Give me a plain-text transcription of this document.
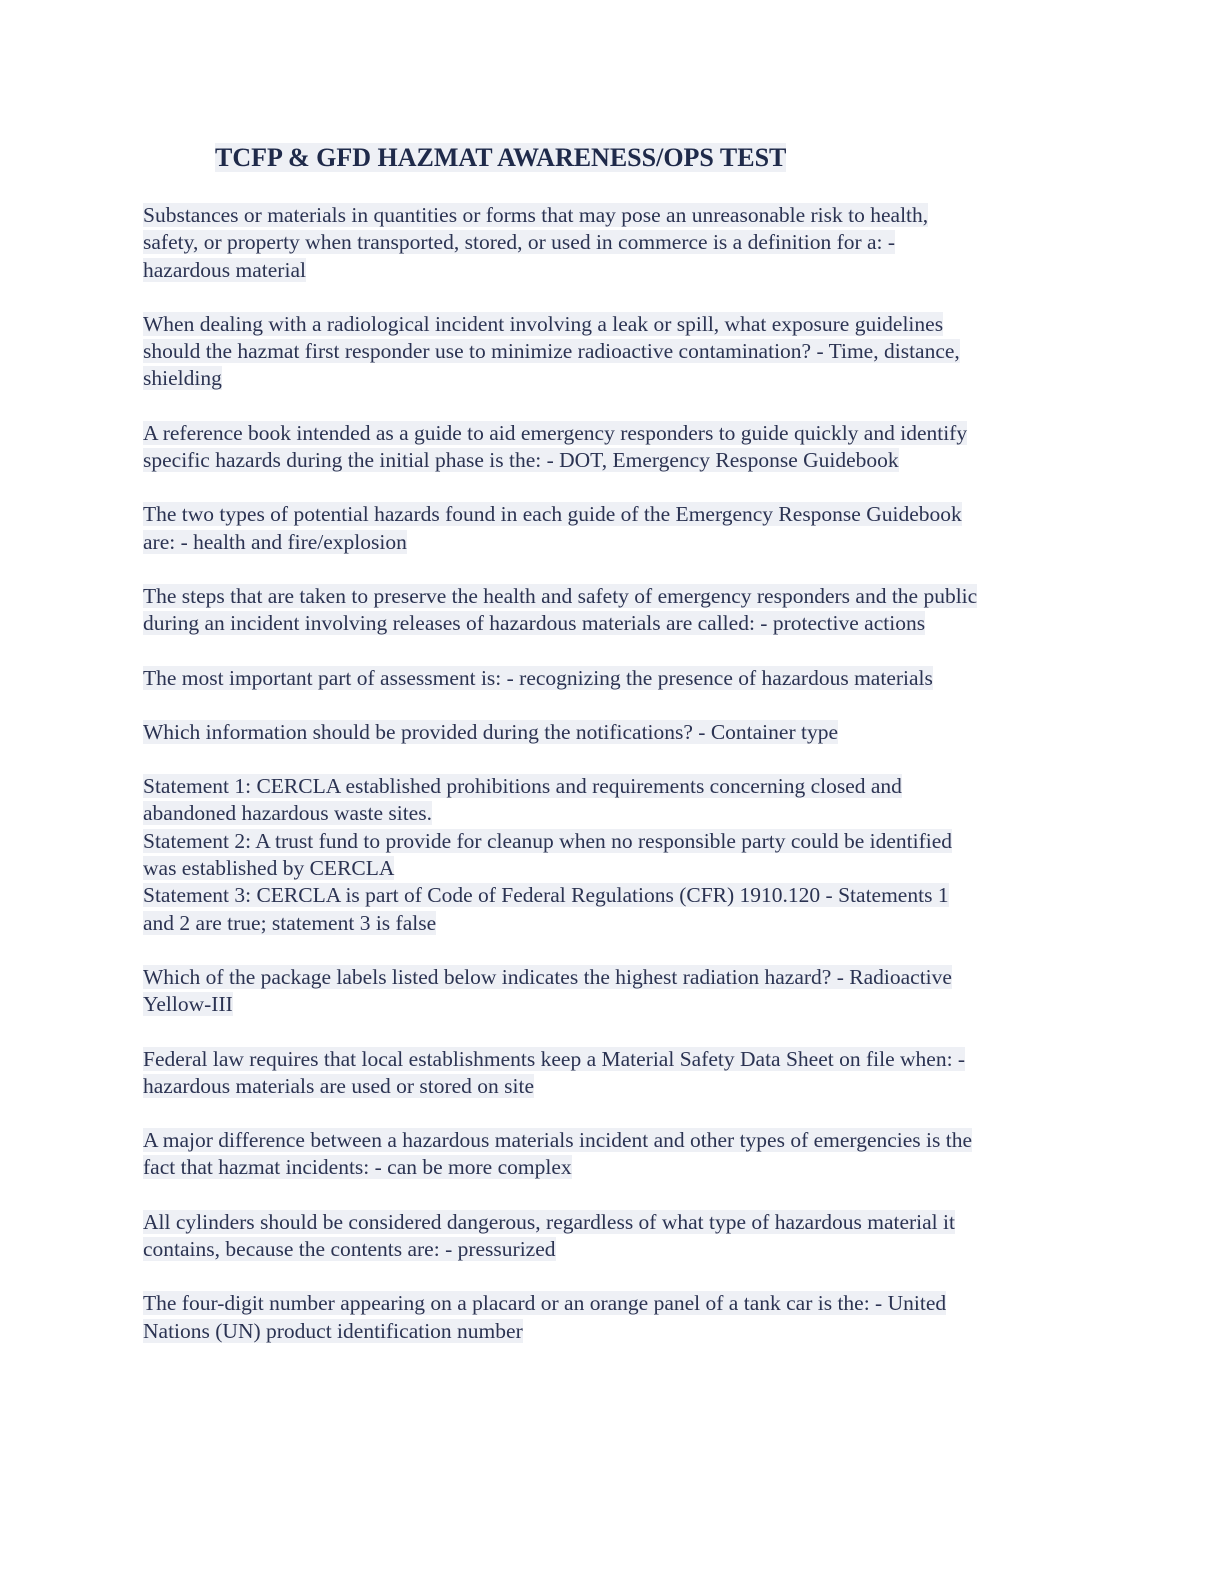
TCFP & GFD HAZMAT AWARENESS/OPS TEST

Substances or materials in quantities or forms that may pose an unreasonable risk to health,
safety, or property when transported, stored, or used in commerce is a definition for a: -
hazardous material

When dealing with a radiological incident involving a leak or spill, what exposure guidelines
should the hazmat first responder use to minimize radioactive contamination? - Time, distance,
shielding

A reference book intended as a guide to aid emergency responders to guide quickly and identify
specific hazards during the initial phase is the: - DOT, Emergency Response Guidebook

The two types of potential hazards found in each guide of the Emergency Response Guidebook
are: - health and fire/explosion

The steps that are taken to preserve the health and safety of emergency responders and the public
during an incident involving releases of hazardous materials are called: - protective actions

The most important part of assessment is: - recognizing the presence of hazardous materials

Which information should be provided during the notifications? - Container type

Statement 1: CERCLA established prohibitions and requirements concerning closed and
abandoned hazardous waste sites.
Statement 2: A trust fund to provide for cleanup when no responsible party could be identified
was established by CERCLA
Statement 3: CERCLA is part of Code of Federal Regulations (CFR) 1910.120 - Statements 1
and 2 are true; statement 3 is false

Which of the package labels listed below indicates the highest radiation hazard? - Radioactive
Yellow-III

Federal law requires that local establishments keep a Material Safety Data Sheet on file when: -
hazardous materials are used or stored on site

A major difference between a hazardous materials incident and other types of emergencies is the
fact that hazmat incidents: - can be more complex

All cylinders should be considered dangerous, regardless of what type of hazardous material it
contains, because the contents are: - pressurized

The four-digit number appearing on a placard or an orange panel of a tank car is the: - United
Nations (UN) product identification number
